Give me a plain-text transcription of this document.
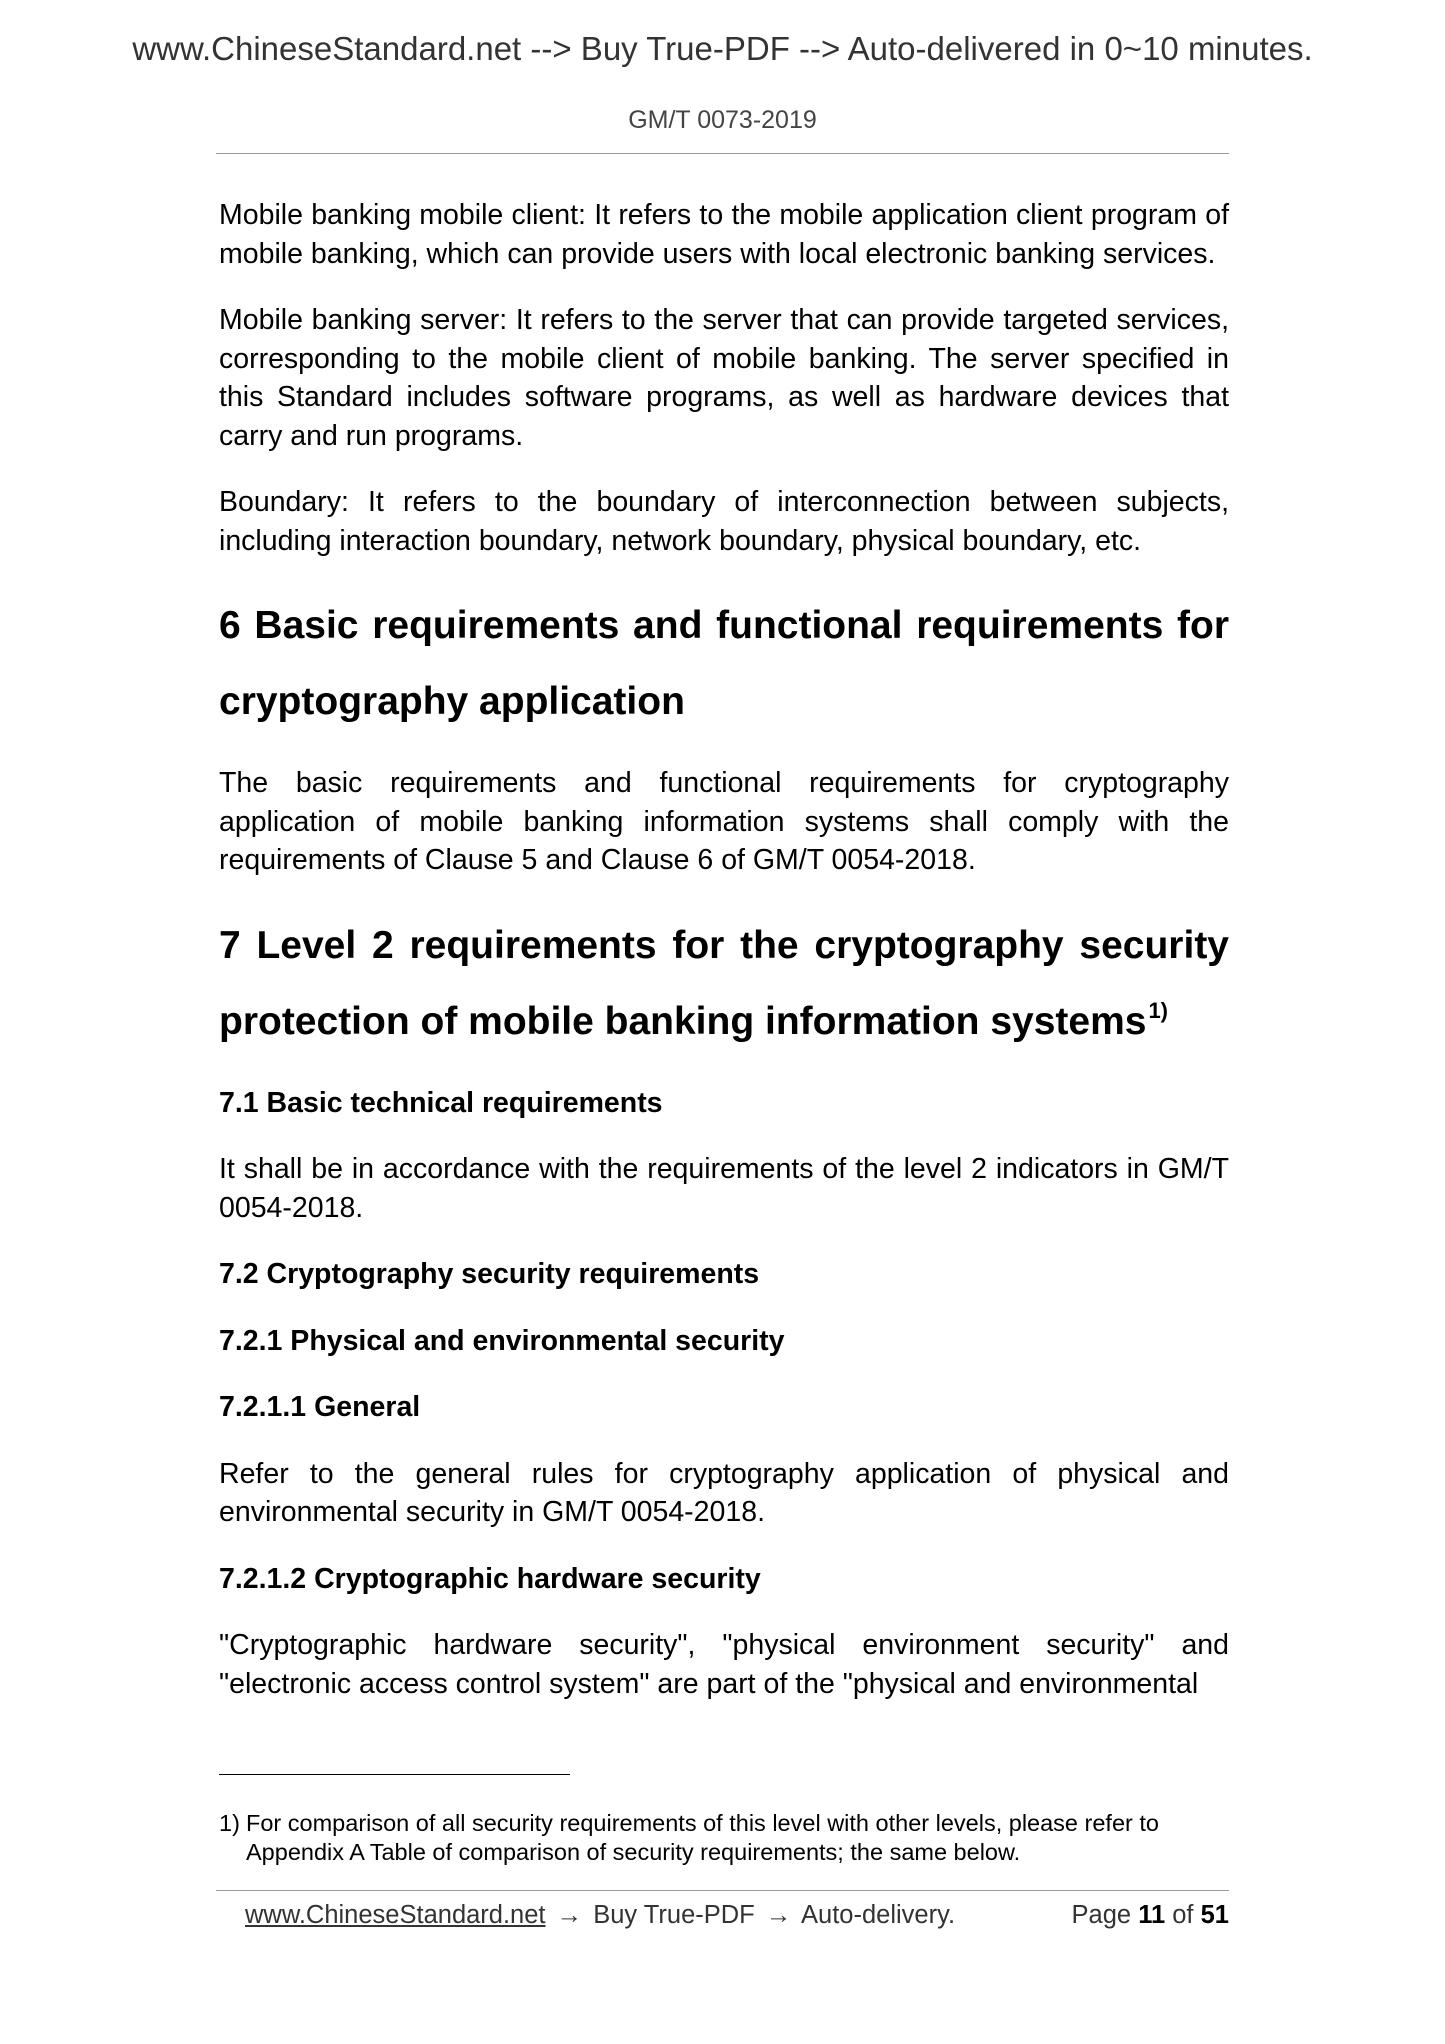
www.ChineseStandard.net --> Buy True-PDF --> Auto-delivered in 0~10 minutes.
GM/T 0073-2019

Mobile banking mobile client: It refers to the mobile application client program of mobile banking, which can provide users with local electronic banking services.

Mobile banking server: It refers to the server that can provide targeted services, corresponding to the mobile client of mobile banking. The server specified in this Standard includes software programs, as well as hardware devices that carry and run programs.

Boundary: It refers to the boundary of interconnection between subjects, including interaction boundary, network boundary, physical boundary, etc.

6 Basic requirements and functional requirements for cryptography application

The basic requirements and functional requirements for cryptography application of mobile banking information systems shall comply with the requirements of Clause 5 and Clause 6 of GM/T 0054-2018.

7 Level 2 requirements for the cryptography security protection of mobile banking information systems$^{1)}$
7.1 Basic technical requirements

It shall be in accordance with the requirements of the level 2 indicators in GM/T 0054-2018.

7.2 Cryptography security requirements
7.2.1 Physical and environmental security
7.2.1.1 General

Refer to the general rules for cryptography application of physical and environmental security in GM/T 0054-2018.

7.2.1.2 Cryptographic hardware security

"Cryptographic hardware security", "physical environment security" and "electronic access control system" are part of the "physical and environmental

1) For comparison of all security requirements of this level with other levels, please refer to Appendix A Table of comparison of security requirements; the same below.
www.ChineseStandard.net → Buy True-PDF → Auto-delivery.	Page 11 of 51
